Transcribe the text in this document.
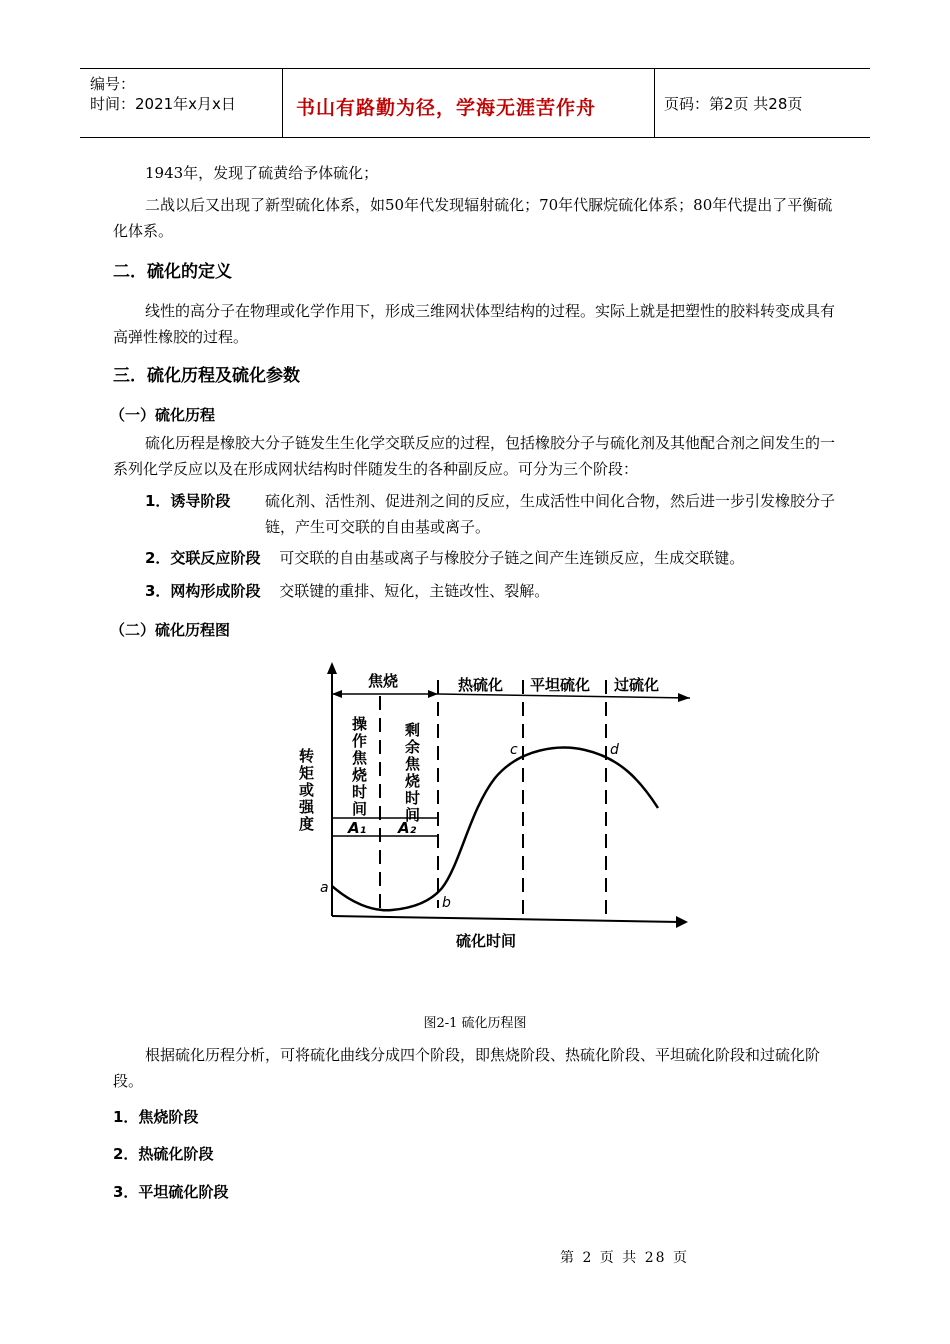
编号：
时间：2021年x月x日	书山有路勤为径，学海无涯苦作舟	页码：第2页 共28页
1943年，发现了硫黄给予体硫化；
二战以后又出现了新型硫化体系，如50年代发现辐射硫化；70年代脲烷硫化体系；80年代提出了平衡硫化体系。
二．硫化的定义
线性的高分子在物理或化学作用下，形成三维网状体型结构的过程。实际上就是把塑性的胶料转变成具有高弹性橡胶的过程。
三．硫化历程及硫化参数
（一）硫化历程
硫化历程是橡胶大分子链发生生化学交联反应的过程，包括橡胶分子与硫化剂及其他配合剂之间发生的一系列化学反应以及在形成网状结构时伴随发生的各种副反应。可分为三个阶段：
1．诱导阶段 硫化剂、活性剂、促进剂之间的反应，生成活性中间化合物，然后进一步引发橡胶分子链，产生可交联的自由基或离子。
2．交联反应阶段 可交联的自由基或离子与橡胶分子链之间产生连锁反应，生成交联键。
3．网构形成阶段 交联键的重排、短化，主链改性、裂解。
（二）硫化历程图
焦烧	热硫化 平坦硫化 过硫化
A₁ A₂
操作焦烧时间 剩余焦烧时间
转矩或强度
a
b
c	d
硫化时间
图2-1 硫化历程图
根据硫化历程分析，可将硫化曲线分成四个阶段，即焦烧阶段、热硫化阶段、平坦硫化阶段和过硫化阶段。
1．焦烧阶段
2．热硫化阶段
3．平坦硫化阶段
第 2 页 共 28 页
